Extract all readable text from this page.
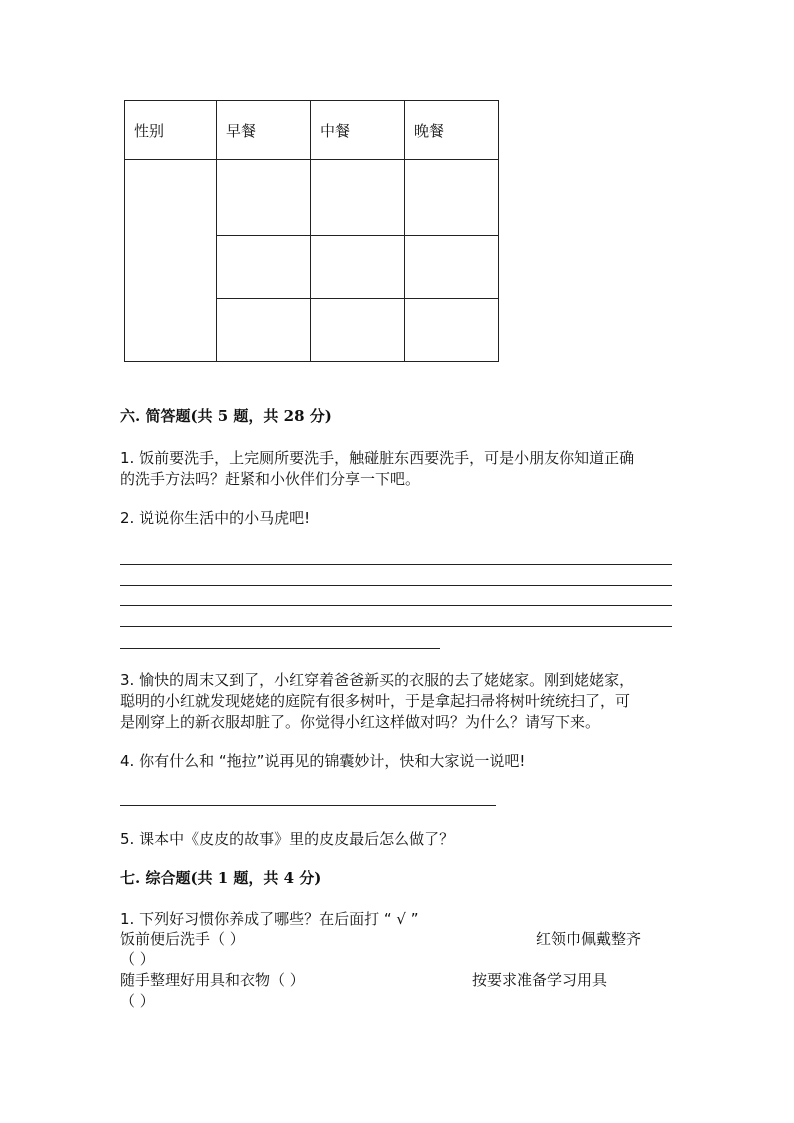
性别	早餐	中餐	晚餐

六. 简答题(共 5 题，共 28 分)
1. 饭前要洗手，上完厕所要洗手，触碰脏东西要洗手，可是小朋友你知道正确
的洗手方法吗？赶紧和小伙伴们分享一下吧。
2. 说说你生活中的小马虎吧!
3. 愉快的周末又到了，小红穿着爸爸新买的衣服的去了姥姥家。刚到姥姥家，
聪明的小红就发现姥姥的庭院有很多树叶，于是拿起扫帚将树叶统统扫了，可
是刚穿上的新衣服却脏了。你觉得小红这样做对吗？为什么？请写下来。
4. 你有什么和 “拖拉”说再见的锦囊妙计，快和大家说一说吧!
5. 课本中《皮皮的故事》里的皮皮最后怎么做了？
七. 综合题(共 1 题，共 4 分)
1. 下列好习惯你养成了哪些？在后面打 “ √ ”
饭前便后洗手（ ）	红领巾佩戴整齐
（ ）
随手整理好用具和衣物（ ）	按要求准备学习用具
（ ）
